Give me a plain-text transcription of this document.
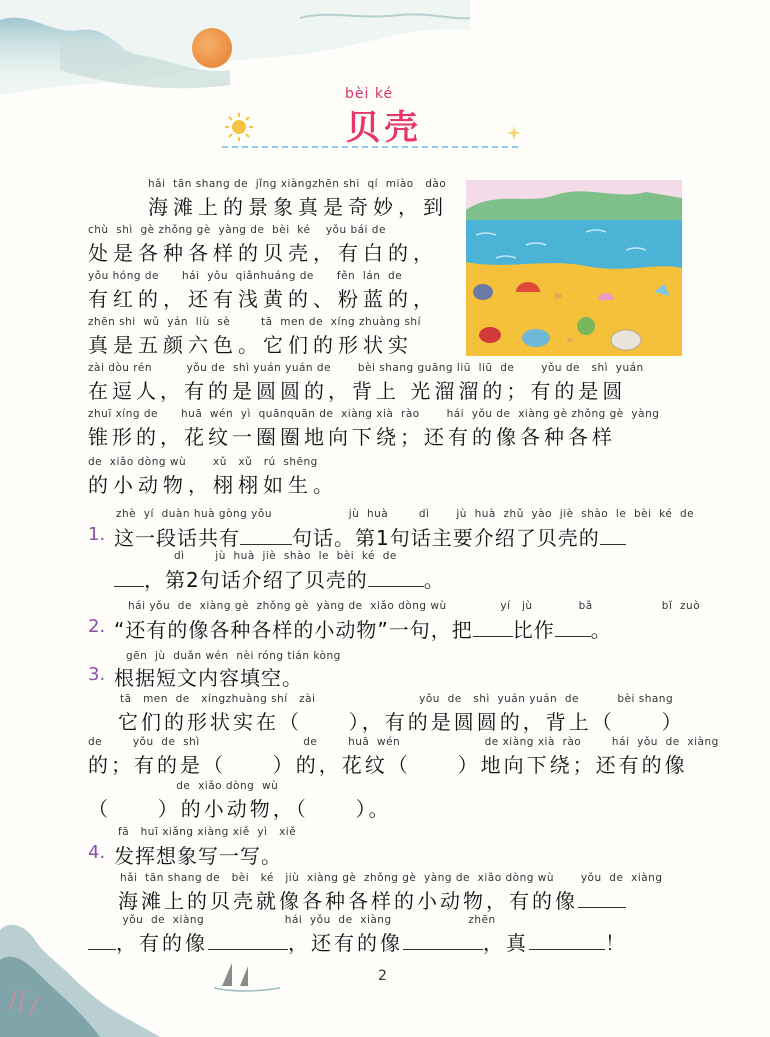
bèi ké
贝壳
hǎi  tān shang de  jǐng xiàngzhēn shi  qí  miào   dào
海滩上的景象真是奇妙，到
chù  shì  gè zhǒng gè  yàng de  bèi  ké    yǒu bái de
处是各种各样的贝壳，有白的，
yǒu hóng de      hái  yǒu  qiǎnhuáng de      fěn  lán  de
有红的，还有浅黄的、粉蓝的，
zhēn shi  wǔ  yán  liù  sè        tā  men de  xíng zhuàng shí
真是五颜六色。它们的形状实
zài dòu rén         yǒu de  shì yuán yuán de       bèi shang guāng liū  liū  de       yǒu de   shì  yuán
在逗人，有的是圆圆的，背上 光溜溜的；有的是圆
zhuī xíng de      huā  wén  yì  quānquān de  xiàng xià  rào       hái  yǒu de  xiàng gè zhǒng gè  yàng
锥形的，花纹一圈圈地向下绕；还有的像各种各样
de  xiǎo dòng wù       xǔ   xǔ   rú  shēng
的小动物，栩栩如生。
zhè  yí  duàn huà gòng yǒu                    jù  huà        dì       jù  huà  zhǔ  yào  jiè  shào  le  bèi  ké  de
1. 这一段话共有	句话。第1句话主要介绍了贝壳的
dì        jù  huà  jiè  shào  le  bèi  ké  de
，第2句话介绍了贝壳的	。
hái yǒu  de  xiàng gè  zhǒng gè  yàng de  xiǎo dòng wù              yí   jù            bǎ                  bǐ  zuò
2. “还有的像各种各样的小动物”一句，把 比作 。
gēn  jù  duǎn wén  nèi róng tián kòng
3. 根据短文内容填空。
tā   men  de   xíngzhuàng shí   zài                           yǒu  de   shì  yuán yuán  de          bèi shang
它们的形状实在（     ），有的是圆圆的，背上（     ）
de        yǒu  de  shì                           de        huā  wén                      de xiàng xià  rào        hái  yǒu  de  xiàng
的；有的是（     ）的，花纹（     ）地向下绕；还有的像
de  xiǎo dòng  wù
（     ）的小动物，（     ）。
fā   huī xiǎng xiàng xiě  yì   xiě
4. 发挥想象写一写。
hǎi  tān shang de   bèi   ké   jiù  xiàng gè  zhǒng gè  yàng de  xiǎo dòng wù       yǒu  de  xiàng
海滩上的贝壳就像各种各样的小动物，有的像
yǒu  de  xiàng                     hái  yǒu  de  xiàng                    zhēn
，有的像	，还有的像	，真	！
2
